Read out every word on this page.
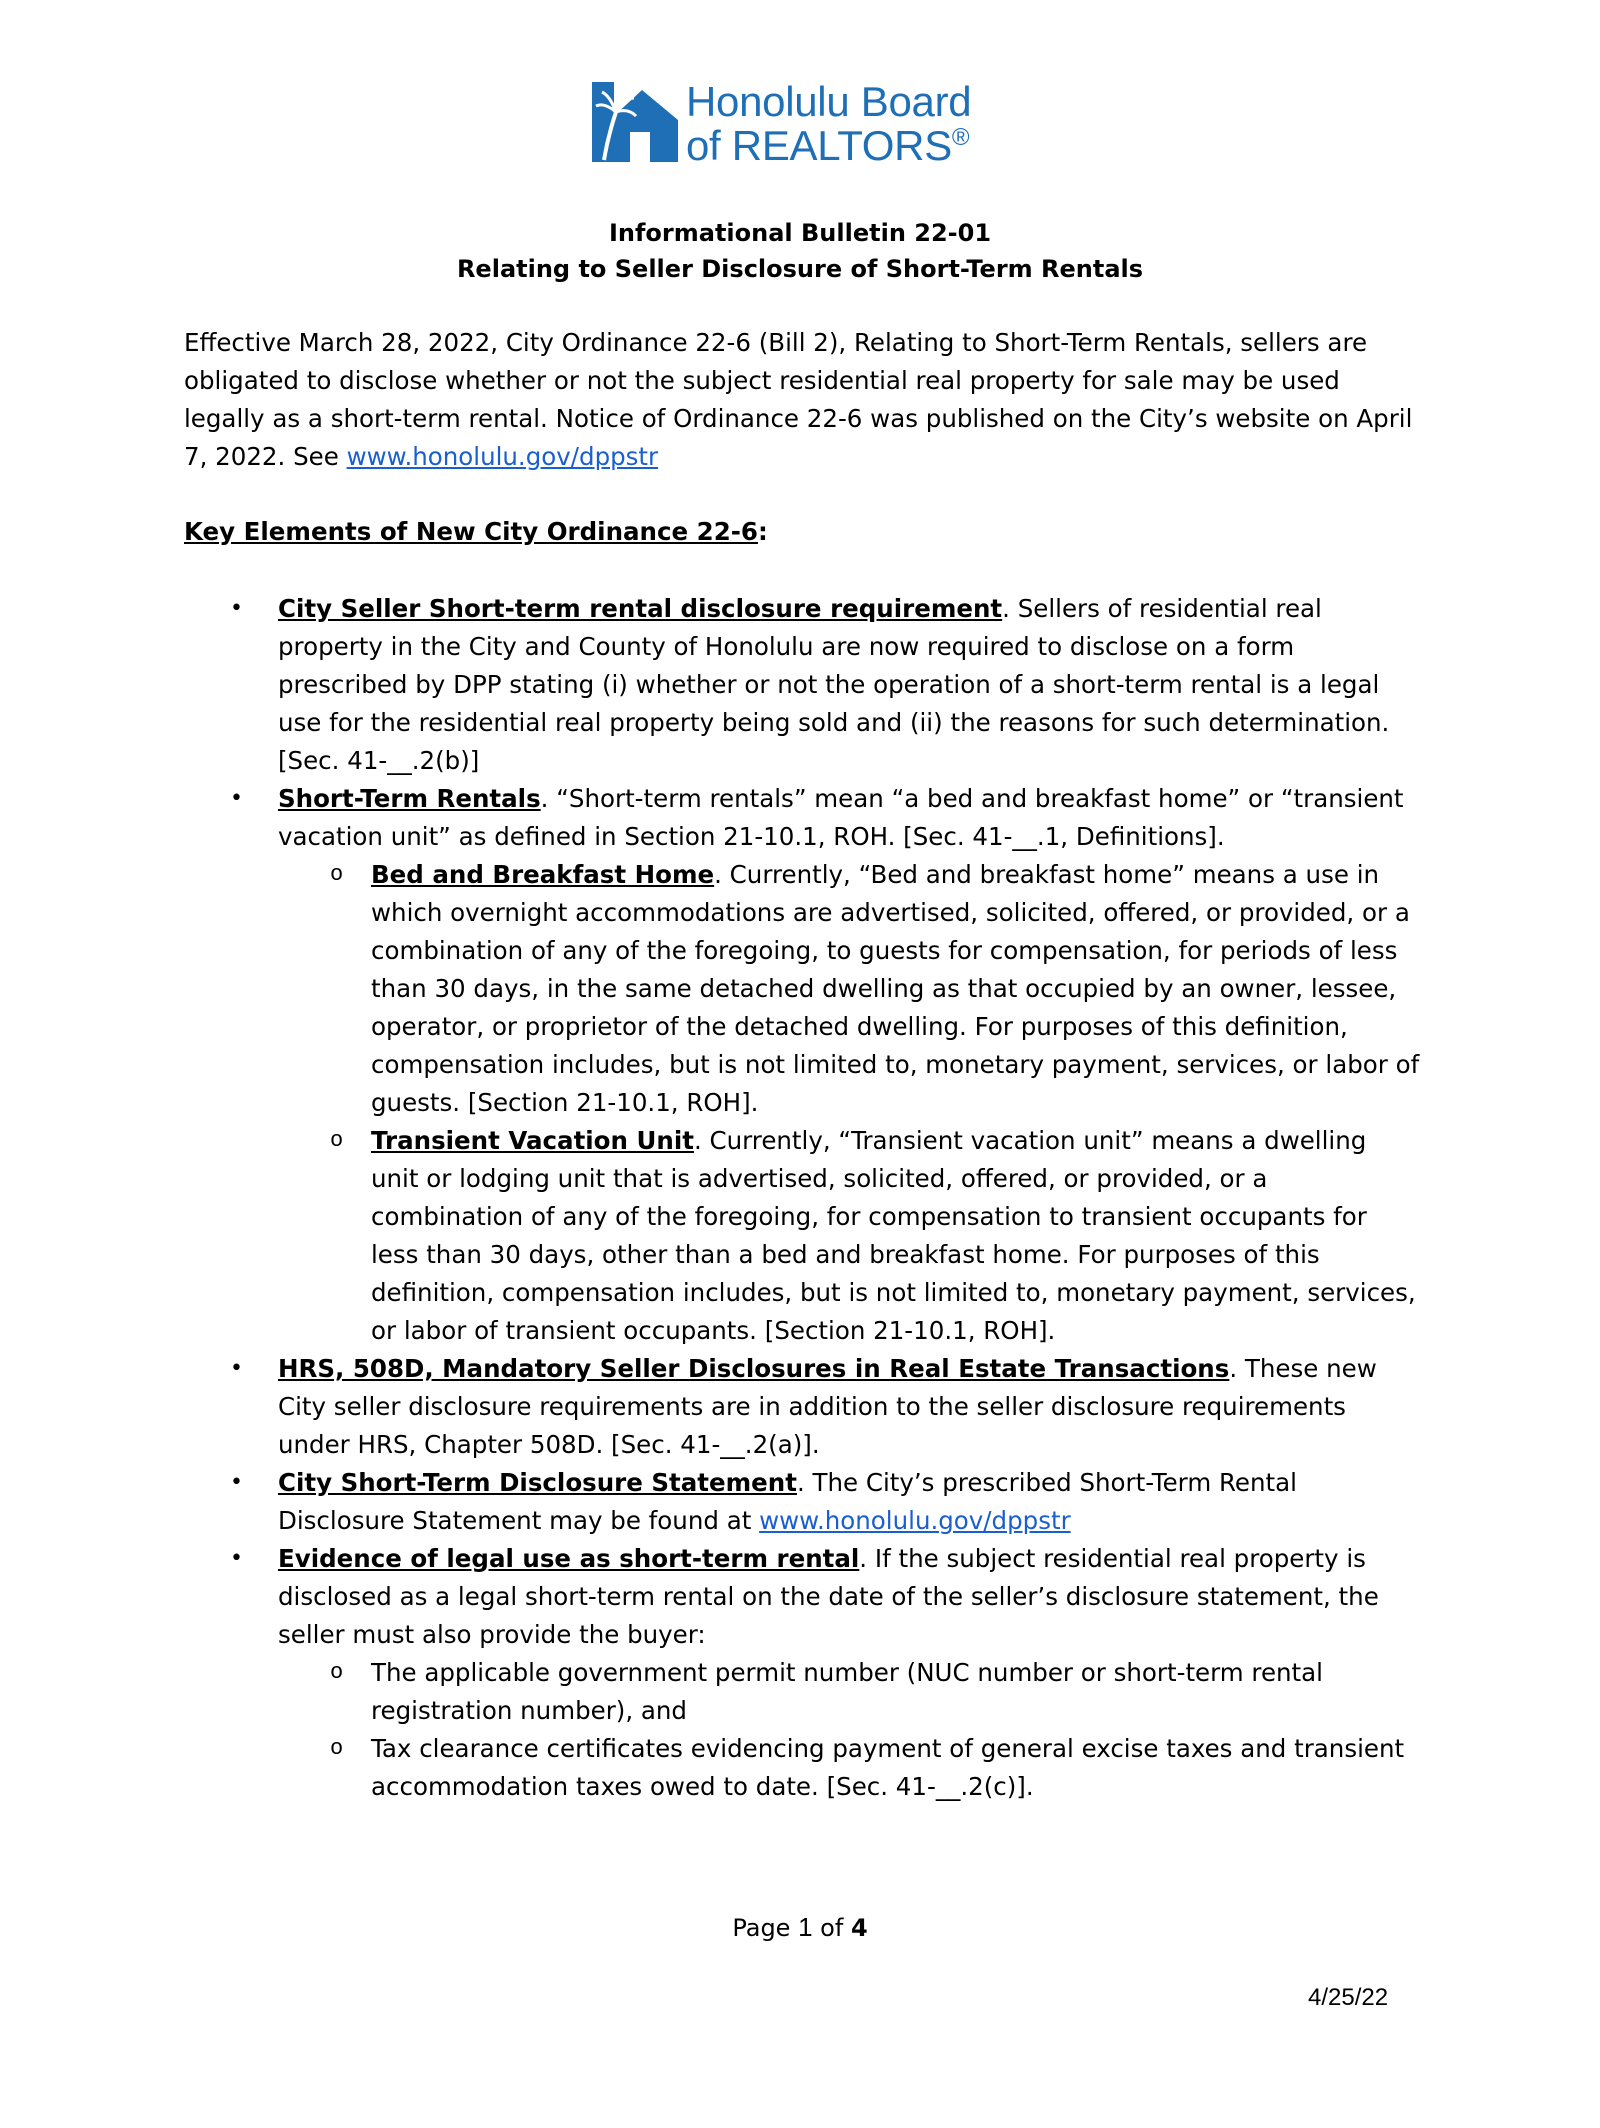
Honolulu Board
of REALTORS®
Informational Bulletin 22-01
Relating to Seller Disclosure of Short-Term Rentals
Effective March 28, 2022, City Ordinance 22-6 (Bill 2), Relating to Short-Term Rentals, sellers are obligated to disclose whether or not the subject residential real property for sale may be used legally as a short-term rental. Notice of Ordinance 22-6 was published on the City’s website on April 7, 2022. See www.honolulu.gov/dppstr
Key Elements of New City Ordinance 22-6:
• City Seller Short-term rental disclosure requirement. Sellers of residential real property in the City and County of Honolulu are now required to disclose on a form prescribed by DPP stating (i) whether or not the operation of a short-term rental is a legal use for the residential real property being sold and (ii) the reasons for such determination. [Sec. 41-__.2(b)]
• Short-Term Rentals. “Short-term rentals” mean “a bed and breakfast home” or “transient vacation unit” as defined in Section 21-10.1, ROH. [Sec. 41-__.1, Definitions].
o Bed and Breakfast Home. Currently, “Bed and breakfast home” means a use in which overnight accommodations are advertised, solicited, offered, or provided, or a combination of any of the foregoing, to guests for compensation, for periods of less than 30 days, in the same detached dwelling as that occupied by an owner, lessee, operator, or proprietor of the detached dwelling. For purposes of this definition, compensation includes, but is not limited to, monetary payment, services, or labor of guests. [Section 21-10.1, ROH].
o Transient Vacation Unit. Currently, “Transient vacation unit” means a dwelling unit or lodging unit that is advertised, solicited, offered, or provided, or a combination of any of the foregoing, for compensation to transient occupants for less than 30 days, other than a bed and breakfast home. For purposes of this definition, compensation includes, but is not limited to, monetary payment, services, or labor of transient occupants. [Section 21-10.1, ROH].
• HRS, 508D, Mandatory Seller Disclosures in Real Estate Transactions. These new City seller disclosure requirements are in addition to the seller disclosure requirements under HRS, Chapter 508D. [Sec. 41-__.2(a)].
• City Short-Term Disclosure Statement. The City’s prescribed Short-Term Rental Disclosure Statement may be found at www.honolulu.gov/dppstr
• Evidence of legal use as short-term rental. If the subject residential real property is disclosed as a legal short-term rental on the date of the seller’s disclosure statement, the seller must also provide the buyer:
o The applicable government permit number (NUC number or short-term rental registration number), and
o Tax clearance certificates evidencing payment of general excise taxes and transient accommodation taxes owed to date. [Sec. 41-__.2(c)].
Page 1 of 4
4/25/22
